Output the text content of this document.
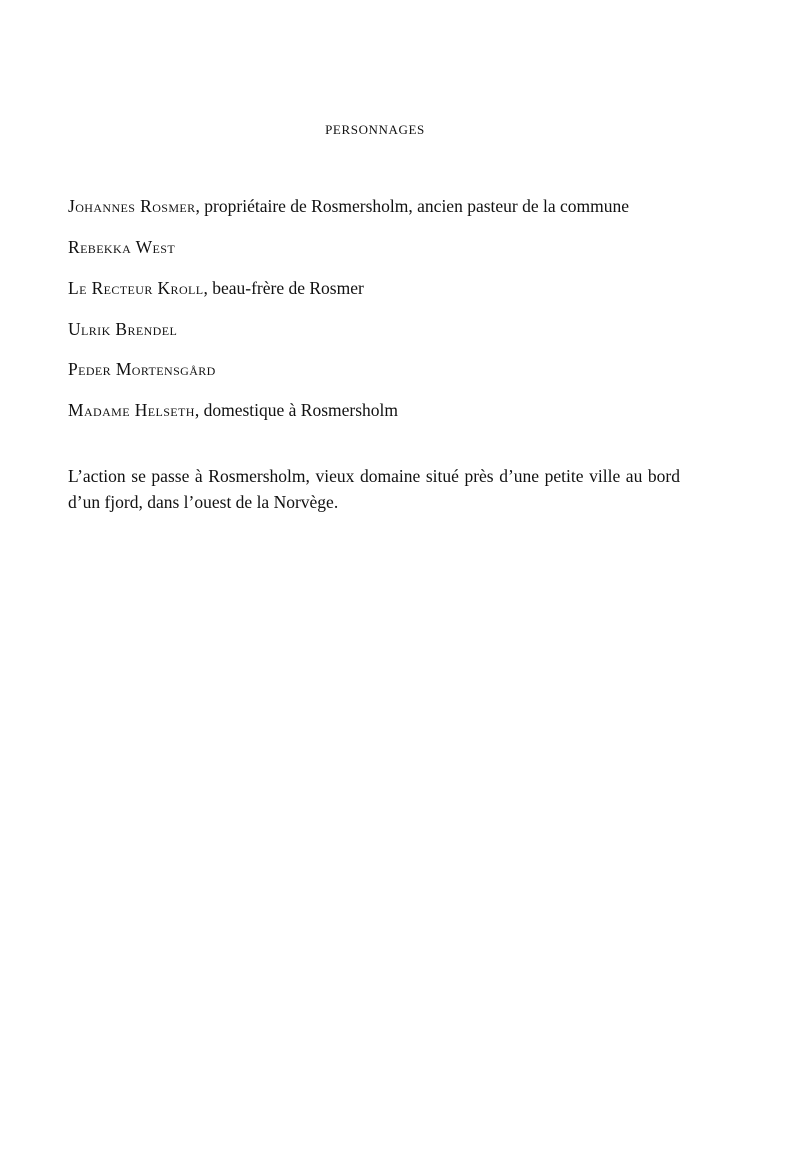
personnages
Johannes Rosmer, propriétaire de Rosmersholm, ancien pasteur de la commune
Rebekka West
Le Recteur Kroll, beau-frère de Rosmer
Ulrik Brendel
Peder Mortensgård
Madame Helseth, domestique à Rosmersholm

L’action se passe à Rosmersholm, vieux domaine situé près d’une petite ville au bord d’un fjord, dans l’ouest de la Norvège.
